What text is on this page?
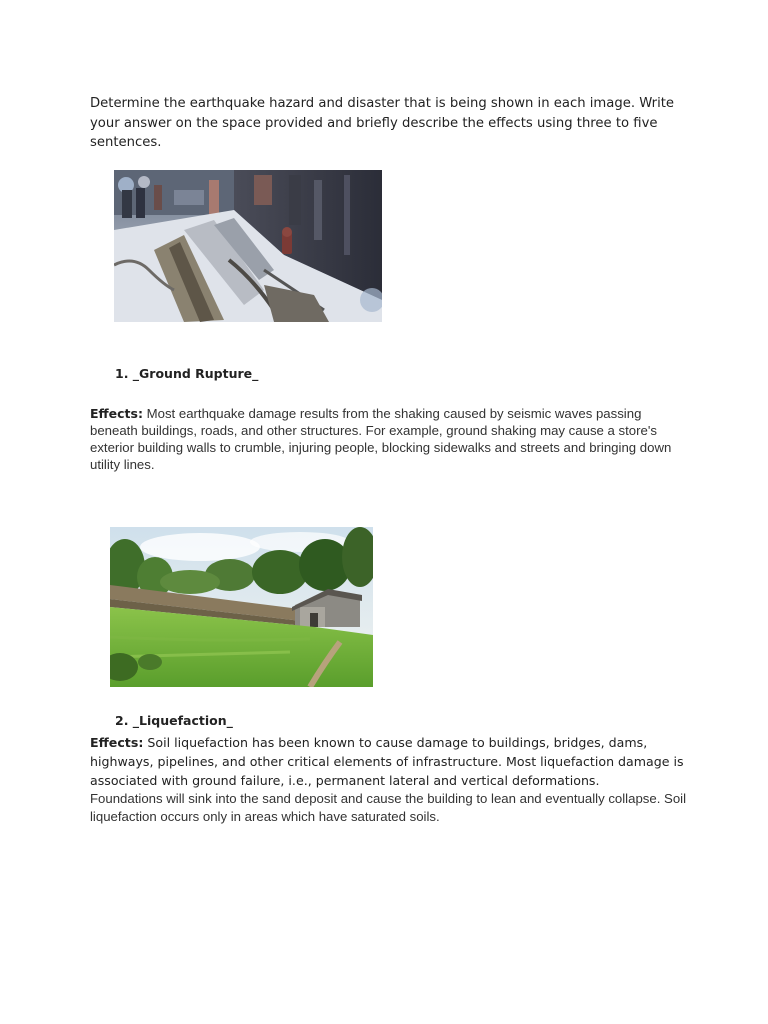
Determine the earthquake hazard and disaster that is being shown in each image. Write your answer on the space provided and briefly describe the effects using three to five sentences.
1. _Ground Rupture_
Effects: Most earthquake damage results from the shaking caused by seismic waves passing beneath buildings, roads, and other structures. For example, ground shaking may cause a store's exterior building walls to crumble, injuring people, blocking sidewalks and streets and bringing down utility lines.
2. _Liquefaction_
Effects: Soil liquefaction has been known to cause damage to buildings, bridges, dams, highways, pipelines, and other critical elements of infrastructure. Most liquefaction damage is associated with ground failure, i.e., permanent lateral and vertical deformations.
Foundations will sink into the sand deposit and cause the building to lean and eventually collapse. Soil liquefaction occurs only in areas which have saturated soils.
